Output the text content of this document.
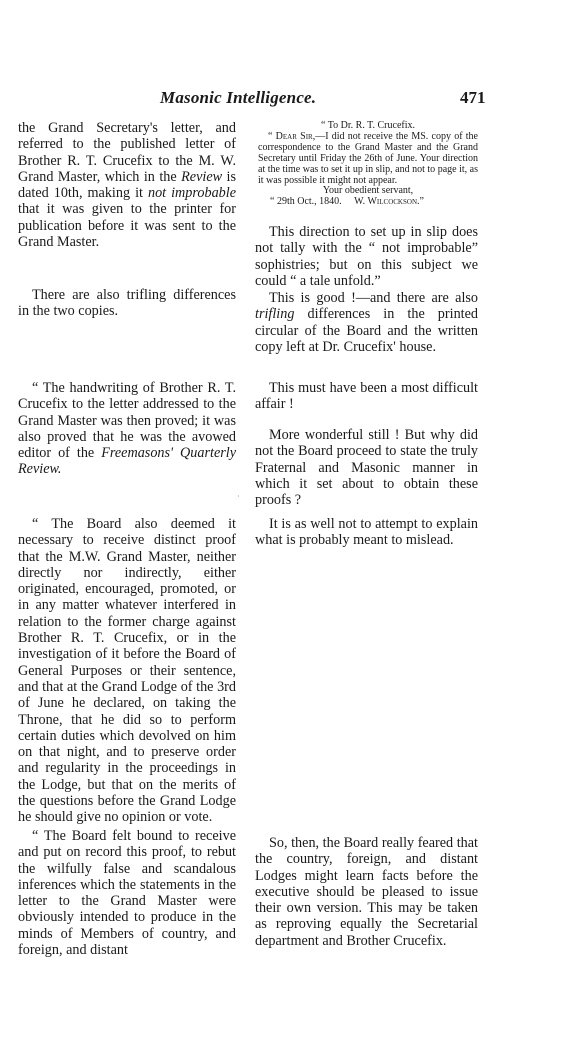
Masonic Intelligence.	471

the Grand Secretary's letter, and referred to the published letter of Brother R. T. Crucefix to the M. W. Grand Master, which in the Review is dated 10th, making it not improbable that it was given to the printer for publication before it was sent to the Grand Master.

There are also trifling differences in the two copies.

“ The handwriting of Brother R. T. Crucefix to the letter addressed to the Grand Master was then proved; it was also proved that he was the avowed editor of the Freemasons' Quarterly Review.

·

“ The Board also deemed it necessary to receive distinct proof that the M.W. Grand Master, neither directly nor indirectly, either originated, encouraged, promoted, or in any matter whatever interfered in relation to the former charge against Brother R. T. Crucefix, or in the investigation of it before the Board of General Purposes or their sentence, and that at the Grand Lodge of the 3rd of June he declared, on taking the Throne, that he did so to perform certain duties which devolved on him on that night, and to preserve order and regularity in the proceedings in the Lodge, but that on the merits of the questions before the Grand Lodge he should give no opinion or vote.

“ The Board felt bound to receive and put on record this proof, to rebut the wilfully false and scandalous inferences which the statements in the letter to the Grand Master were obviously intended to produce in the minds of Members of country, and foreign, and distant

“ To Dr. R. T. Crucefix.
“ Dear Sir,—I did not receive the MS. copy of the correspondence to the Grand Master and the Grand Secretary until Friday the 26th of June. Your direction at the time was to set it up in slip, and not to page it, as it was possible it might not appear.
Your obedient servant,
“ 29th Oct., 1840. W. Wilcockson.”

This direction to set up in slip does not tally with the “ not improbable” sophistries; but on this subject we could “ a tale unfold.”

This is good !—and there are also trifling differences in the printed circular of the Board and the written copy left at Dr. Crucefix' house.

This must have been a most difficult affair !

More wonderful still ! But why did not the Board proceed to state the truly Fraternal and Masonic manner in which it set about to obtain these proofs ?

It is as well not to attempt to explain what is probably meant to mislead.

So, then, the Board really feared that the country, foreign, and distant Lodges might learn facts before the executive should be pleased to issue their own version. This may be taken as reproving equally the Secretarial department and Brother Crucefix.
